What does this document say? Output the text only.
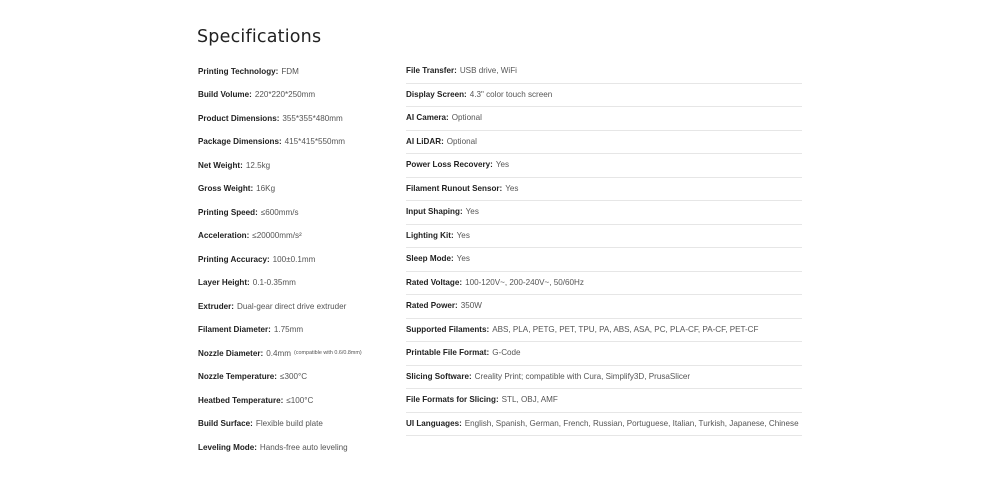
Specifications
Printing Technology: FDM
Build Volume: 220*220*250mm
Product Dimensions: 355*355*480mm
Package Dimensions: 415*415*550mm
Net Weight: 12.5kg
Gross Weight: 16Kg
Printing Speed: ≤600mm/s
Acceleration: ≤20000mm/s²
Printing Accuracy: 100±0.1mm
Layer Height: 0.1-0.35mm
Extruder: Dual-gear direct drive extruder
Filament Diameter: 1.75mm
Nozzle Diameter: 0.4mm (compatible with 0.6/0.8mm)
Nozzle Temperature: ≤300°C
Heatbed Temperature: ≤100°C
Build Surface: Flexible build plate
Leveling Mode: Hands-free auto leveling
File Transfer: USB drive, WiFi
Display Screen: 4.3" color touch screen
AI Camera: Optional
AI LiDAR: Optional
Power Loss Recovery: Yes
Filament Runout Sensor: Yes
Input Shaping: Yes
Lighting Kit: Yes
Sleep Mode: Yes
Rated Voltage: 100-120V~, 200-240V~, 50/60Hz
Rated Power: 350W
Supported Filaments: ABS, PLA, PETG, PET, TPU, PA, ABS, ASA, PC, PLA-CF, PA-CF, PET-CF
Printable File Format: G-Code
Slicing Software: Creality Print; compatible with Cura, Simplify3D, PrusaSlicer
File Formats for Slicing: STL, OBJ, AMF
UI Languages: English, Spanish, German, French, Russian, Portuguese, Italian, Turkish, Japanese, Chinese
